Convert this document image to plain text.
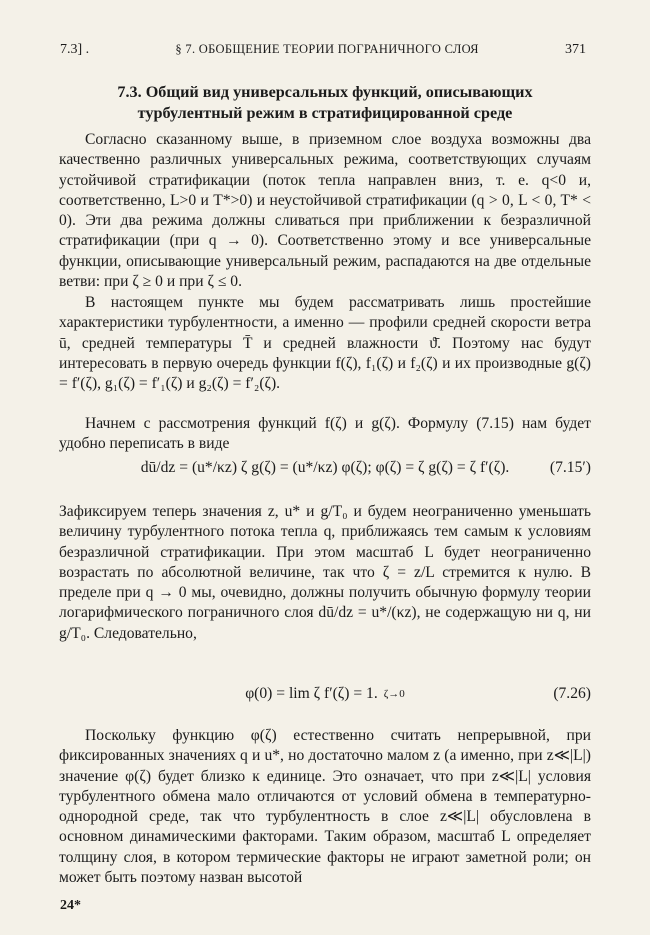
7.3] .	§ 7. ОБОБЩЕНИЕ ТЕОРИИ ПОГРАНИЧНОГО СЛОЯ	371
7.3. Общий вид универсальных функций, описывающих турбулентный режим в стратифицированной среде

Согласно сказанному выше, в приземном слое воздуха возможны два качественно различных универсальных режима, соответствующих случаям устойчивой стратификации (поток тепла направлен вниз, т. е. q<0 и, соответственно, L>0 и T*>0) и неустойчивой стратификации (q > 0, L < 0, T* < 0). Эти два режима должны сливаться при приближении к безразличной стратификации (при q → 0). Соответственно этому и все универсальные функции, описывающие универсальный режим, распадаются на две отдельные ветви: при ζ ≥ 0 и при ζ ≤ 0.

В настоящем пункте мы будем рассматривать лишь простейшие характеристики турбулентности, а именно — профили средней скорости ветра ū, средней температуры T̄ и средней влажности ϑ̄. Поэтому нас будут интересовать в первую очередь функции f(ζ), f₁(ζ) и f₂(ζ) и их производные g(ζ) = f′(ζ), g₁(ζ) = f′₁(ζ) и g₂(ζ) = f′₂(ζ).

Начнем с рассмотрения функций f(ζ) и g(ζ). Формулу (7.15) нам будет удобно переписать в виде

dū/dz = (u*/κz) ζ g(ζ) = (u*/κz) φ(ζ); φ(ζ) = ζ g(ζ) = ζ f′(ζ).	(7.15′)

Зафиксируем теперь значения z, u* и g/T₀ и будем неограниченно уменьшать величину турбулентного потока тепла q, приближаясь тем самым к условиям безразличной стратификации. При этом масштаб L будет неограниченно возрастать по абсолютной величине, так что ζ = z/L стремится к нулю. В пределе при q → 0 мы, очевидно, должны получить обычную формулу теории логарифмического пограничного слоя dū/dz = u*/(κz), не содержащую ни q, ни g/T₀. Следовательно,

φ(0) = lim ζ f′(ζ) = 1. ζ→0	(7.26)

Поскольку функцию φ(ζ) естественно считать непрерывной, при фиксированных значениях q и u*, но достаточно малом z (а именно, при z≪|L|) значение φ(ζ) будет близко к единице. Это означает, что при z≪|L| условия турбулентного обмена мало отличаются от условий обмена в температурно-однородной среде, так что турбулентность в слое z≪|L| обусловлена в основном динамическими факторами. Таким образом, масштаб L определяет толщину слоя, в котором термические факторы не играют заметной роли; он может быть поэтому назван высотой

24*
